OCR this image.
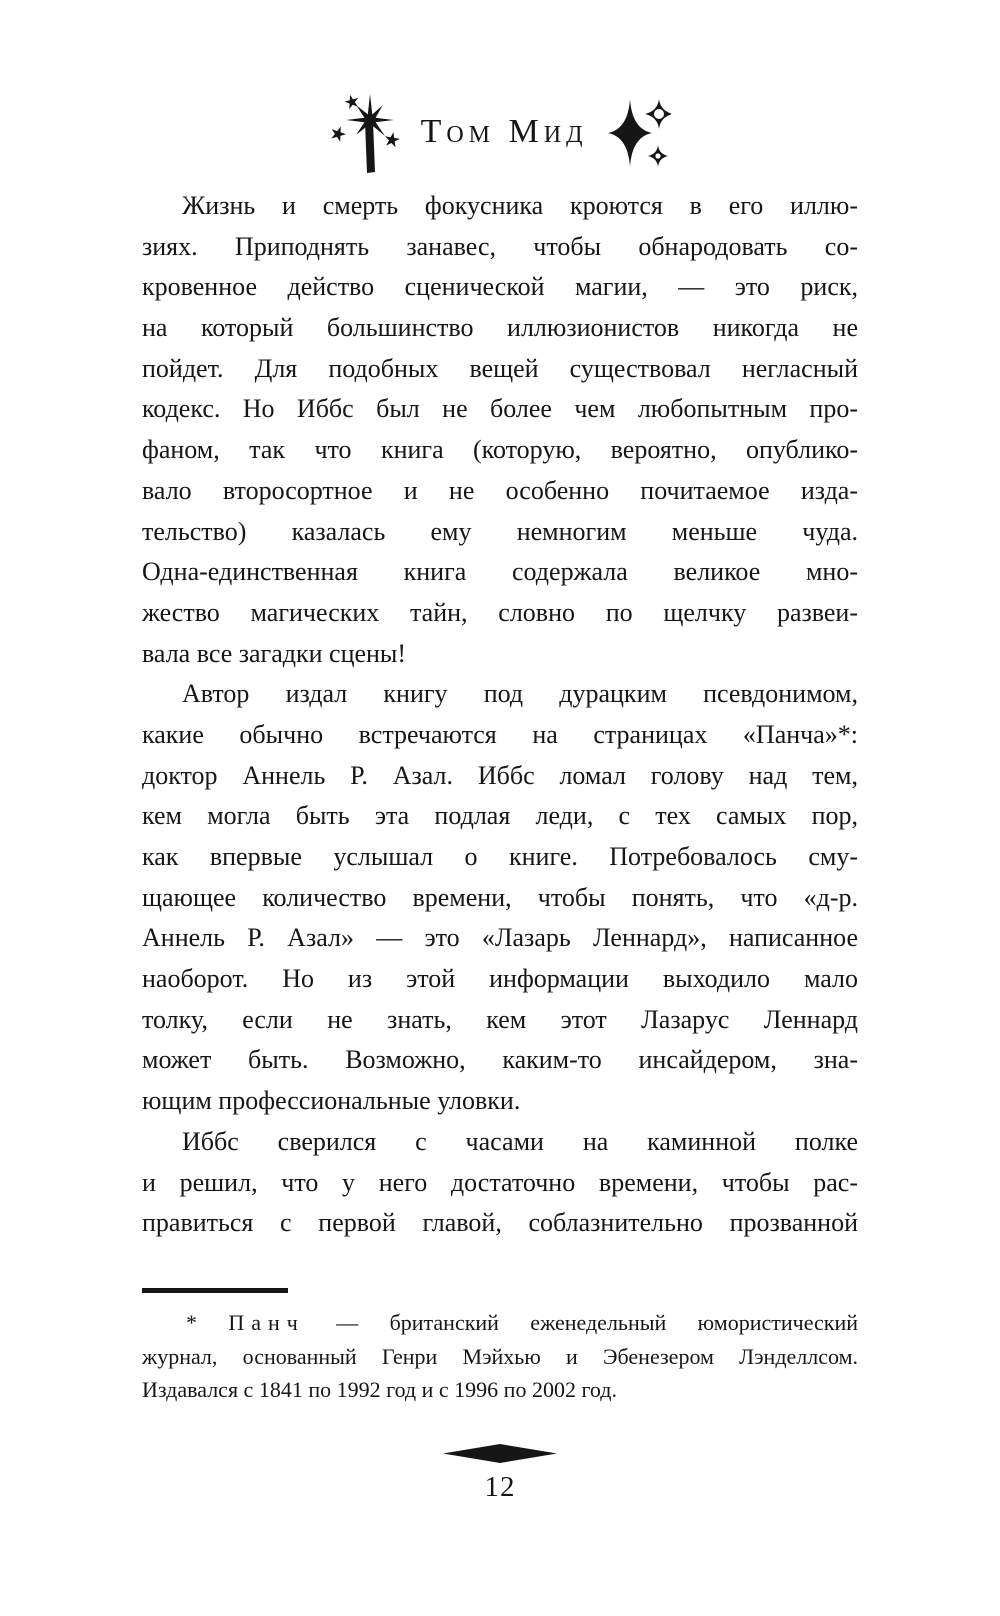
Том Мид
Жизнь и смерть фокусника кроются в его иллю-
зиях. Приподнять занавес, чтобы обнародовать со-
кровенное действо сценической магии, — это риск,
на который большинство иллюзионистов никогда не
пойдет. Для подобных вещей существовал негласный
кодекс. Но Иббс был не более чем любопытным про-
фаном, так что книга (которую, вероятно, опублико-
вало второсортное и не особенно почитаемое изда-
тельство) казалась ему немногим меньше чуда.
Одна-единственная книга содержала великое мно-
жество магических тайн, словно по щелчку развеи-
вала все загадки сцены!
Автор издал книгу под дурацким псевдонимом,
какие обычно встречаются на страницах «Панча»*:
доктор Аннель Р. Азал. Иббс ломал голову над тем,
кем могла быть эта подлая леди, с тех самых пор,
как впервые услышал о книге. Потребовалось сму-
щающее количество времени, чтобы понять, что «д-р.
Аннель Р. Азал» — это «Лазарь Леннард», написанное
наоборот. Но из этой информации выходило мало
толку, если не знать, кем этот Лазарус Леннард
может быть. Возможно, каким-то инсайдером, зна-
ющим профессиональные уловки.
Иббс сверился с часами на каминной полке
и решил, что у него достаточно времени, чтобы рас-
правиться с первой главой, соблазнительно прозванной
* Панч — британский еженедельный юмористический
журнал, основанный Генри Мэйхью и Эбенезером Лэнделлсом.
Издавался с 1841 по 1992 год и с 1996 по 2002 год.
12
